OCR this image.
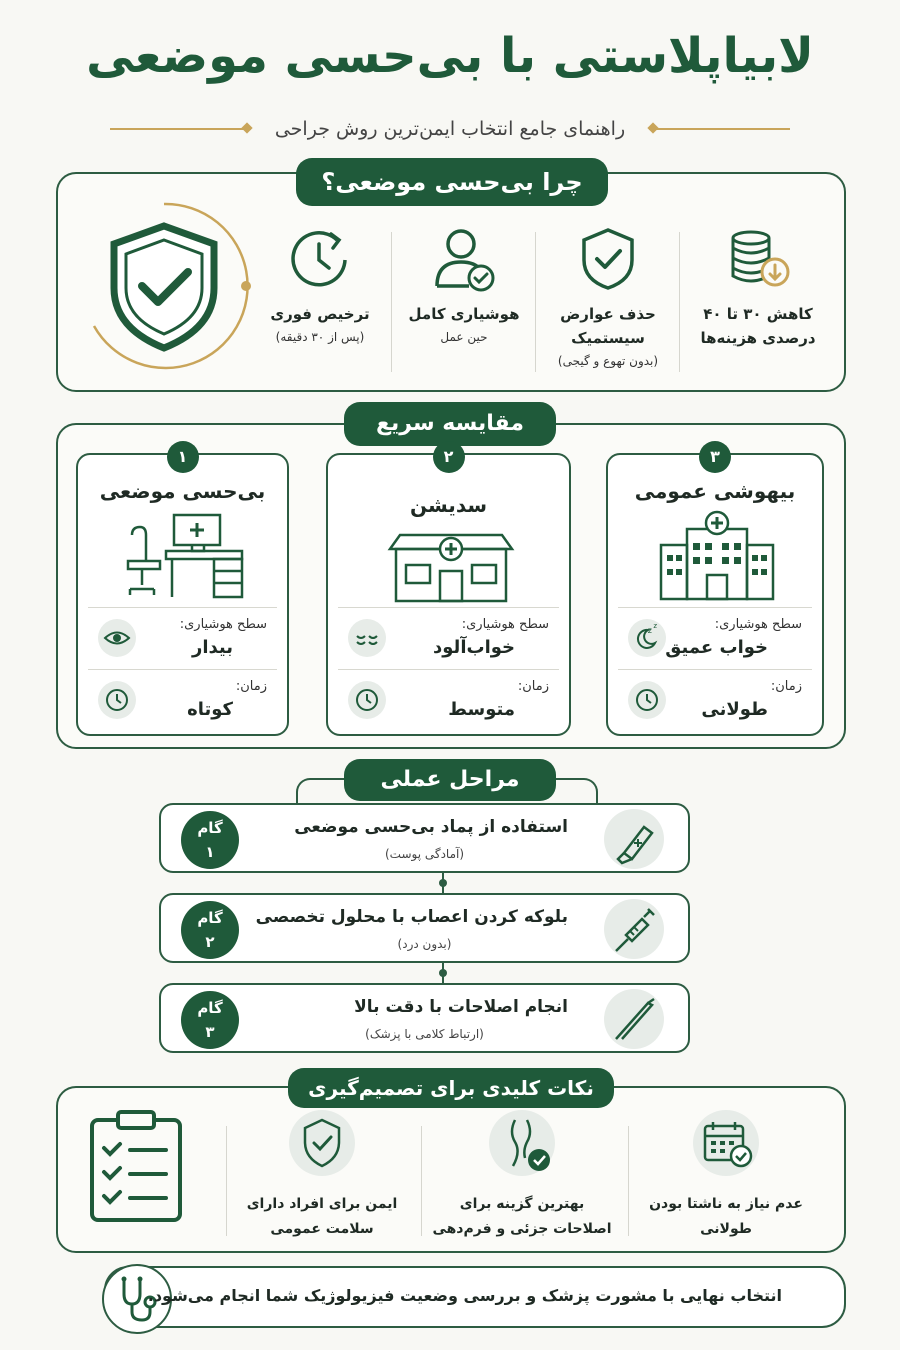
لابیاپلاستی با بی‌حسی موضعی
راهنمای جامع انتخاب ایمن‌ترین روش جراحی
کاهش ۳۰ تا ۴۰ درصدی هزینه‌ها
حذف عوارض سیستمیک
(بدون تهوع و گیجی)
هوشیاری کامل
حین عمل
ترخیص فوری
(پس از ۳۰ دقیقه)
چرا بی‌حسی موضعی؟
مقایسه سریع
۳
بیهوشی عمومی
سطح هوشیاری:
خواب عمیق
z z
زمان:
طولانی
۲
سدیشن
سطح هوشیاری:
خواب‌آلود
زمان:
متوسط
۱
بی‌حسی موضعی
سطح هوشیاری:
بیدار
زمان:
کوتاه
مراحل عملی
گام
۱
استفاده از پماد بی‌حسی موضعی
(آمادگی پوست)
گام
۲
بلوکه کردن اعصاب با محلول تخصصی
(بدون درد)
گام
۳
انجام اصلاحات با دقت بالا
(ارتباط کلامی با پزشک)
نکات کلیدی برای تصمیم‌گیری
عدم نیاز به ناشتا بودن
طولانی
بهترین گزینه برای
اصلاحات جزئی و فرم‌دهی
ایمن برای افراد دارای
سلامت عمومی
انتخاب نهایی با مشورت پزشک و بررسی وضعیت فیزیولوژیک شما انجام می‌شود.
